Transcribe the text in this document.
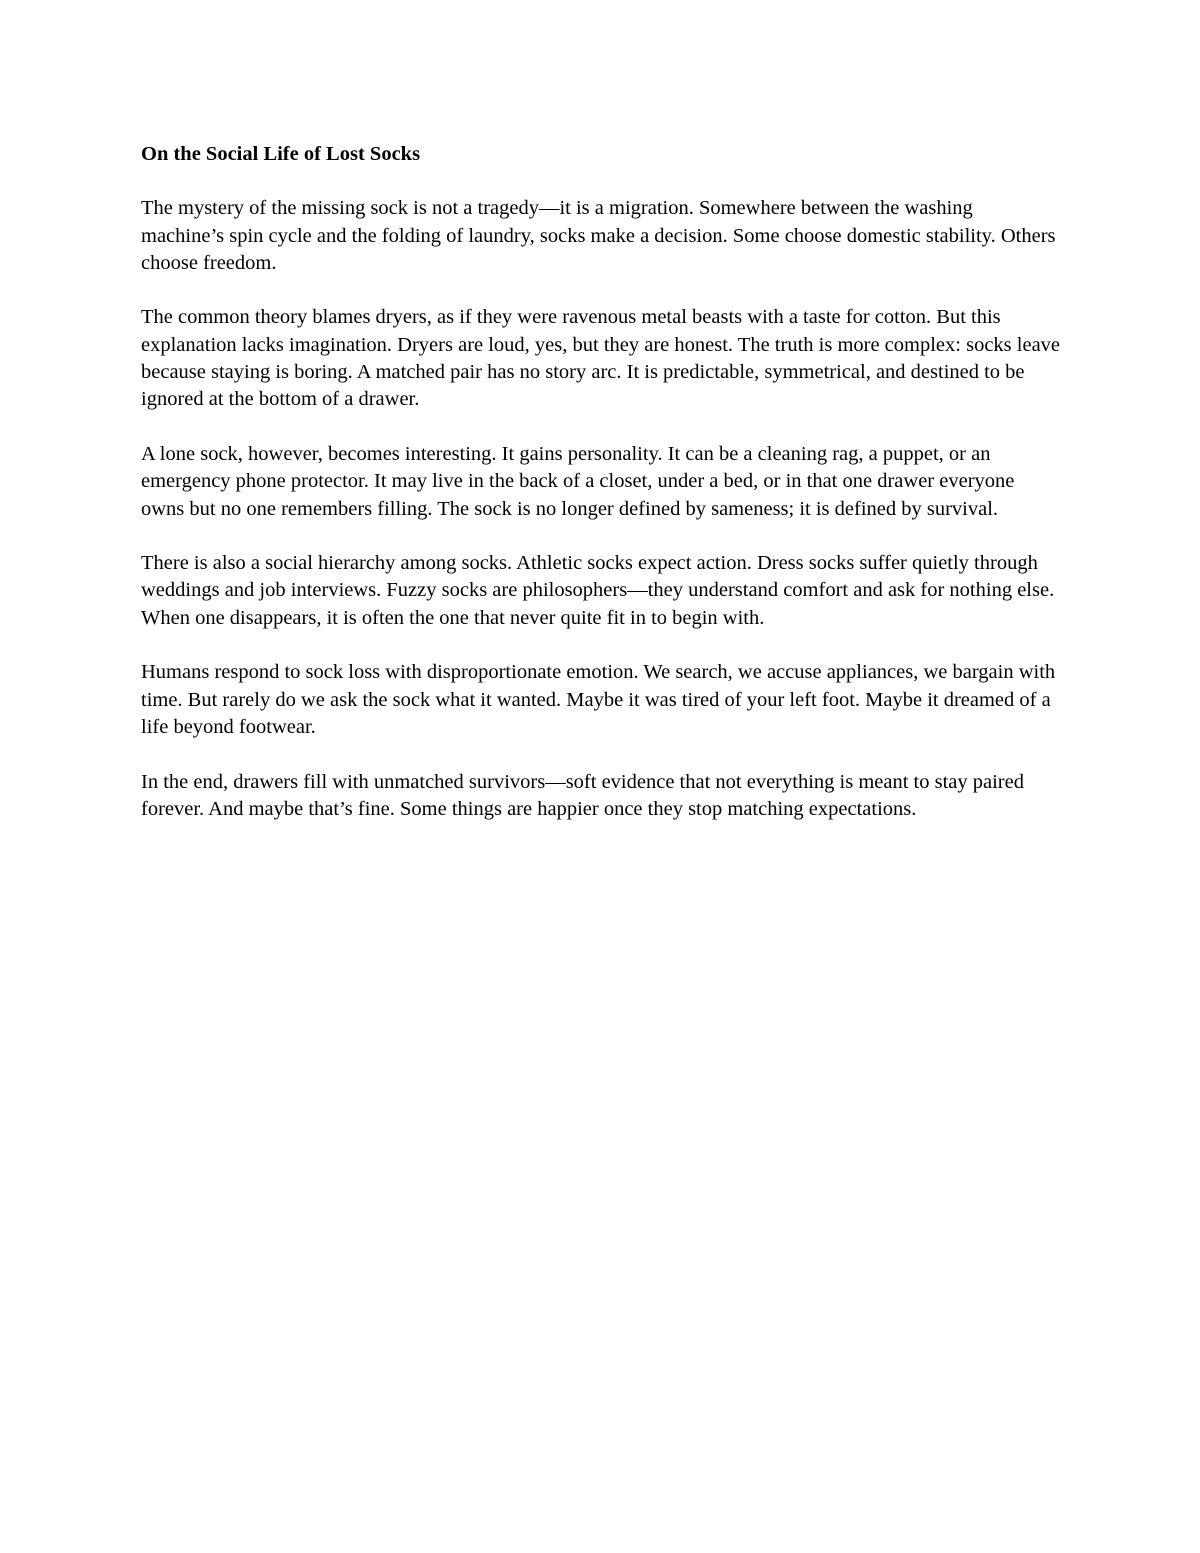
On the Social Life of Lost Socks

The mystery of the missing sock is not a tragedy—it is a migration. Somewhere between the washing machine’s spin cycle and the folding of laundry, socks make a decision. Some choose domestic stability. Others choose freedom.

The common theory blames dryers, as if they were ravenous metal beasts with a taste for cotton. But this explanation lacks imagination. Dryers are loud, yes, but they are honest. The truth is more complex: socks leave because staying is boring. A matched pair has no story arc. It is predictable, symmetrical, and destined to be ignored at the bottom of a drawer.

A lone sock, however, becomes interesting. It gains personality. It can be a cleaning rag, a puppet, or an emergency phone protector. It may live in the back of a closet, under a bed, or in that one drawer everyone owns but no one remembers filling. The sock is no longer defined by sameness; it is defined by survival.

There is also a social hierarchy among socks. Athletic socks expect action. Dress socks suffer quietly through weddings and job interviews. Fuzzy socks are philosophers—they understand comfort and ask for nothing else. When one disappears, it is often the one that never quite fit in to begin with.

Humans respond to sock loss with disproportionate emotion. We search, we accuse appliances, we bargain with time. But rarely do we ask the sock what it wanted. Maybe it was tired of your left foot. Maybe it dreamed of a life beyond footwear.

In the end, drawers fill with unmatched survivors—soft evidence that not everything is meant to stay paired forever. And maybe that’s fine. Some things are happier once they stop matching expectations.
